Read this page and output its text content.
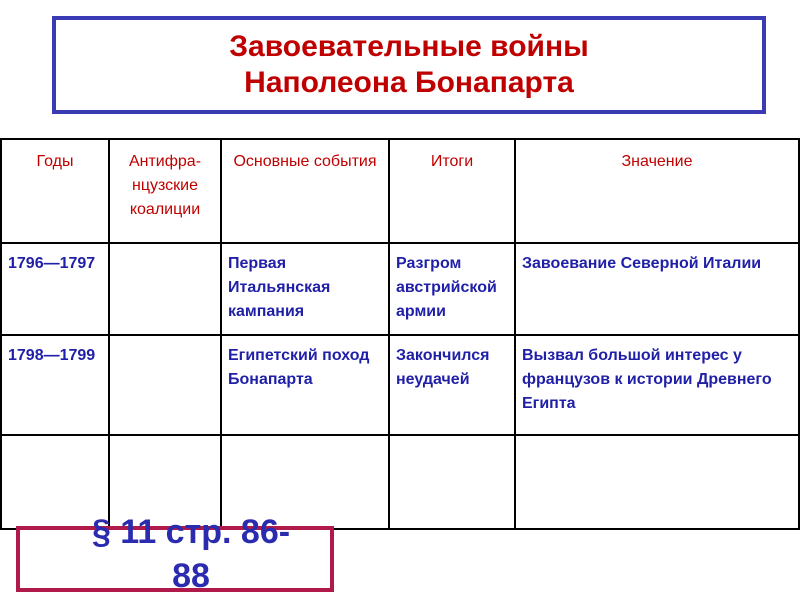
Завоевательные войны
Наполеона Бонапарта
Годы	Антифра-нцузские коалиции	Основные события	Итоги	Значение
1796—1797		Первая Итальянская кампания	Разгром австрийской армии	Завоевание Северной Италии
1798—1799		Египетский поход Бонапарта	Закончился неудачей	Вызвал большой интерес у французов к истории Древнего Египта

§ 11 стр. 86-88
